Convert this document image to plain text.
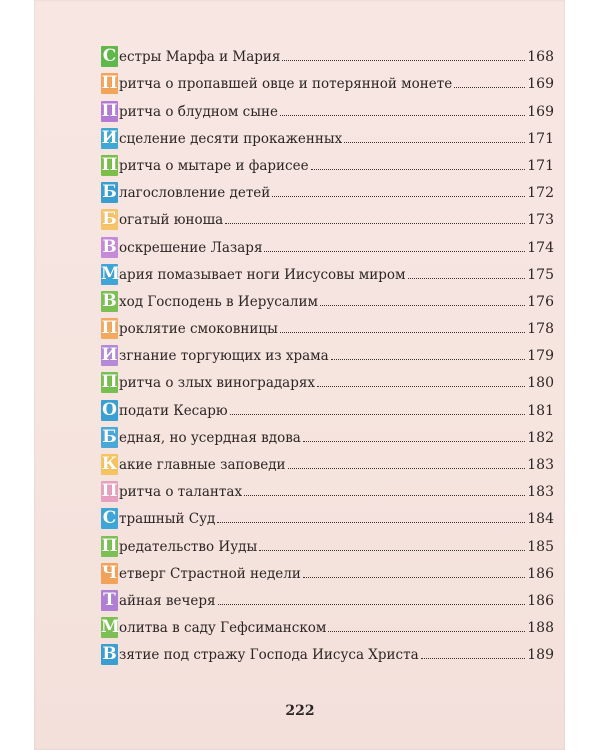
С естры Марфа и Мария	168
П ритча о пропавшей овце и потерянной монете	169
П ритча о блудном сыне	169
И сцеление десяти прокаженных	171
П ритча о мытаре и фарисее	171
Б лагословление детей	172
Б огатый юноша	173
В оскрешение Лазаря	174
М ария помазывает ноги Иисусовы миром	175
В ход Господень в Иерусалим	176
П роклятие смоковницы	178
И згнание торгующих из храма	179
П ритча о злых виноградарях	180
О подати Кесарю	181
Б едная, но усердная вдова	182
К акие главные заповеди	183
П ритча о талантах	183
С трашный Суд	184
П редательство Иуды	185
Ч етверг Страстной недели	186
Т айная вечеря	186
М олитва в саду Гефсиманском	188
В зятие под стражу Господа Иисуса Христа	189
222
